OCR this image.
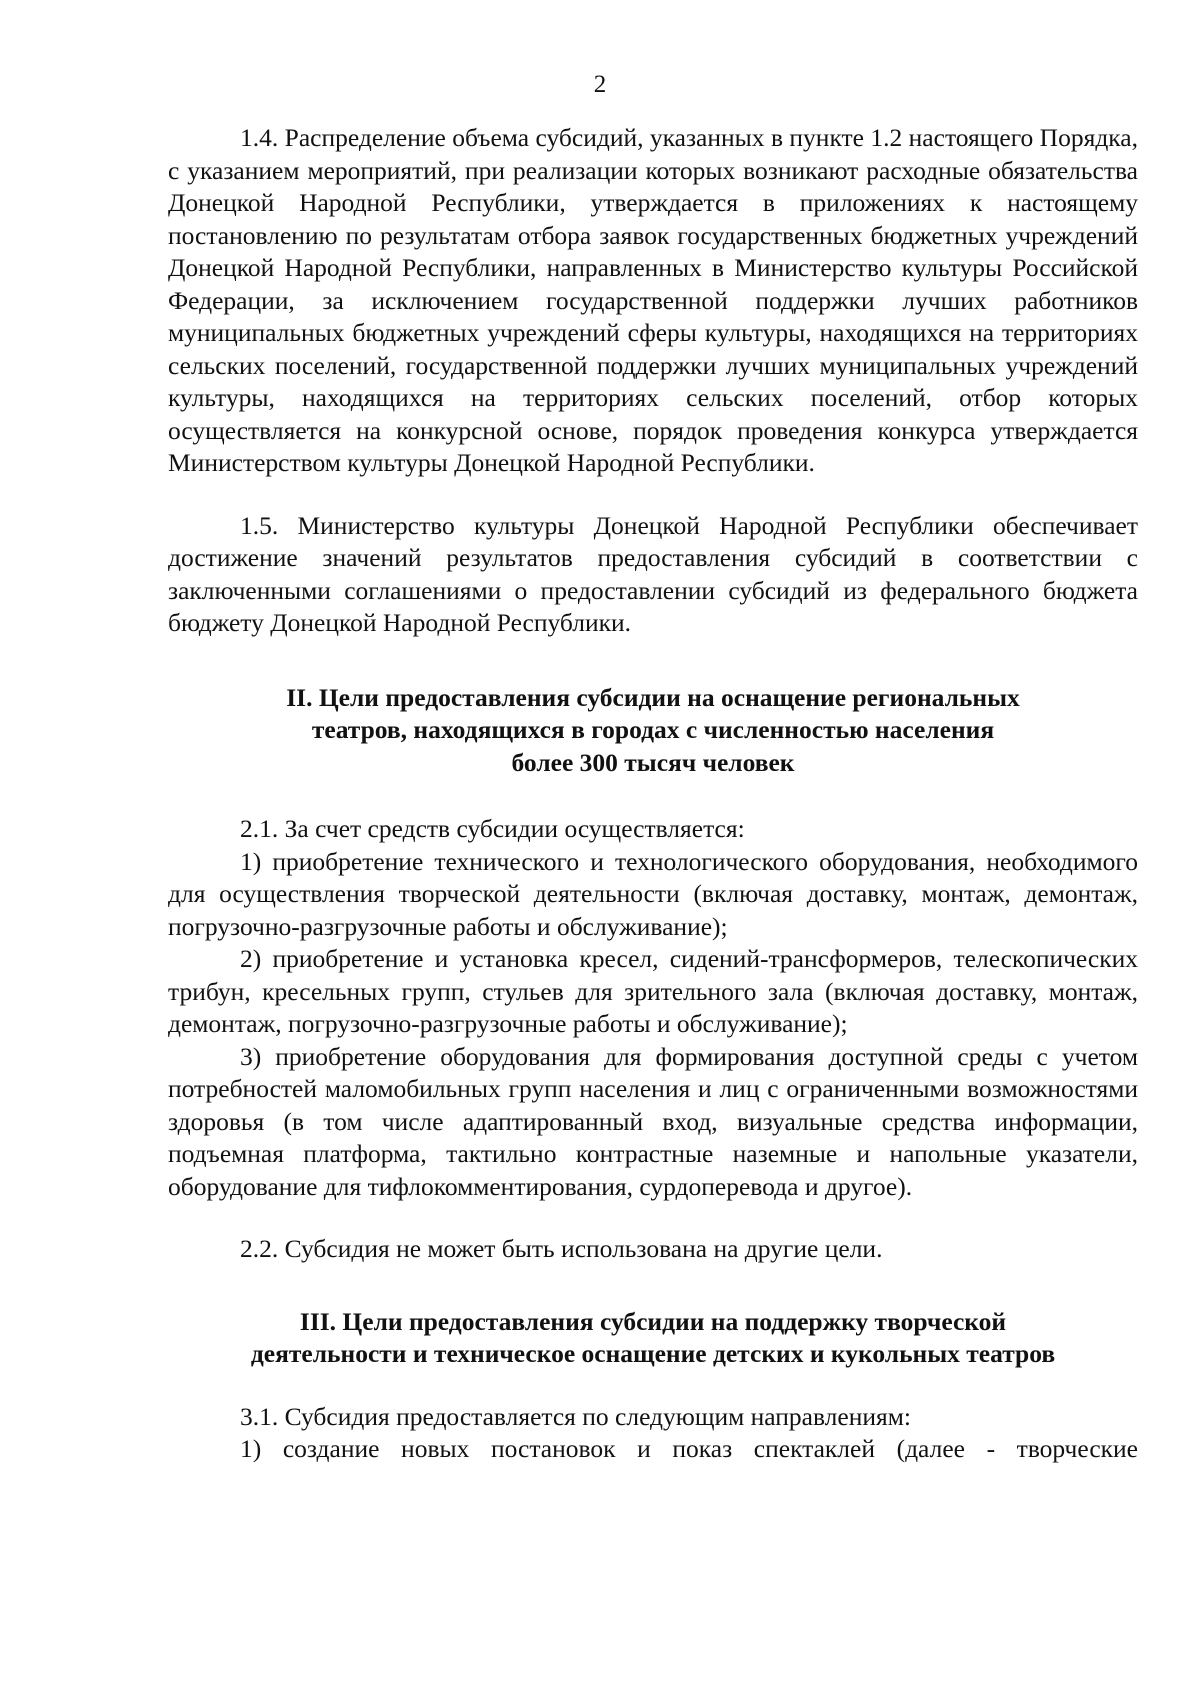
2

1.4. Распределение объема субсидий, указанных в пункте 1.2 настоящего Порядка, с указанием мероприятий, при реализации которых возникают расходные обязательства Донецкой Народной Республики, утверждается в приложениях к настоящему постановлению по результатам отбора заявок государственных бюджетных учреждений Донецкой Народной Республики, направленных в Министерство культуры Российской Федерации, за исключением государственной поддержки лучших работников муниципальных бюджетных учреждений сферы культуры, находящихся на территориях сельских поселений, государственной поддержки лучших муниципальных учреждений культуры, находящихся на территориях сельских поселений, отбор которых осуществляется на конкурсной основе, порядок проведения конкурса утверждается Министерством культуры Донецкой Народной Республики.

1.5. Министерство культуры Донецкой Народной Республики обеспечивает достижение значений результатов предоставления субсидий в соответствии с заключенными соглашениями о предоставлении субсидий из федерального бюджета бюджету Донецкой Народной Республики.

II. Цели предоставления субсидии на оснащение региональных
театров, находящихся в городах с численностью населения
более 300 тысяч человек

2.1. За счет средств субсидии осуществляется:

1) приобретение технического и технологического оборудования, необходимого для осуществления творческой деятельности (включая доставку, монтаж, демонтаж, погрузочно-разгрузочные работы и обслуживание);

2) приобретение и установка кресел, сидений-трансформеров, телескопических трибун, кресельных групп, стульев для зрительного зала (включая доставку, монтаж, демонтаж, погрузочно-разгрузочные работы и обслуживание);

3) приобретение оборудования для формирования доступной среды с учетом потребностей маломобильных групп населения и лиц с ограниченными возможностями здоровья (в том числе адаптированный вход, визуальные средства информации, подъемная платформа, тактильно контрастные наземные и напольные указатели, оборудование для тифлокомментирования, сурдоперевода и другое).

2.2. Субсидия не может быть использована на другие цели.

III. Цели предоставления субсидии на поддержку творческой
деятельности и техническое оснащение детских и кукольных театров

3.1. Субсидия предоставляется по следующим направлениям:

1) создание новых постановок и показ спектаклей (далее - творческие
